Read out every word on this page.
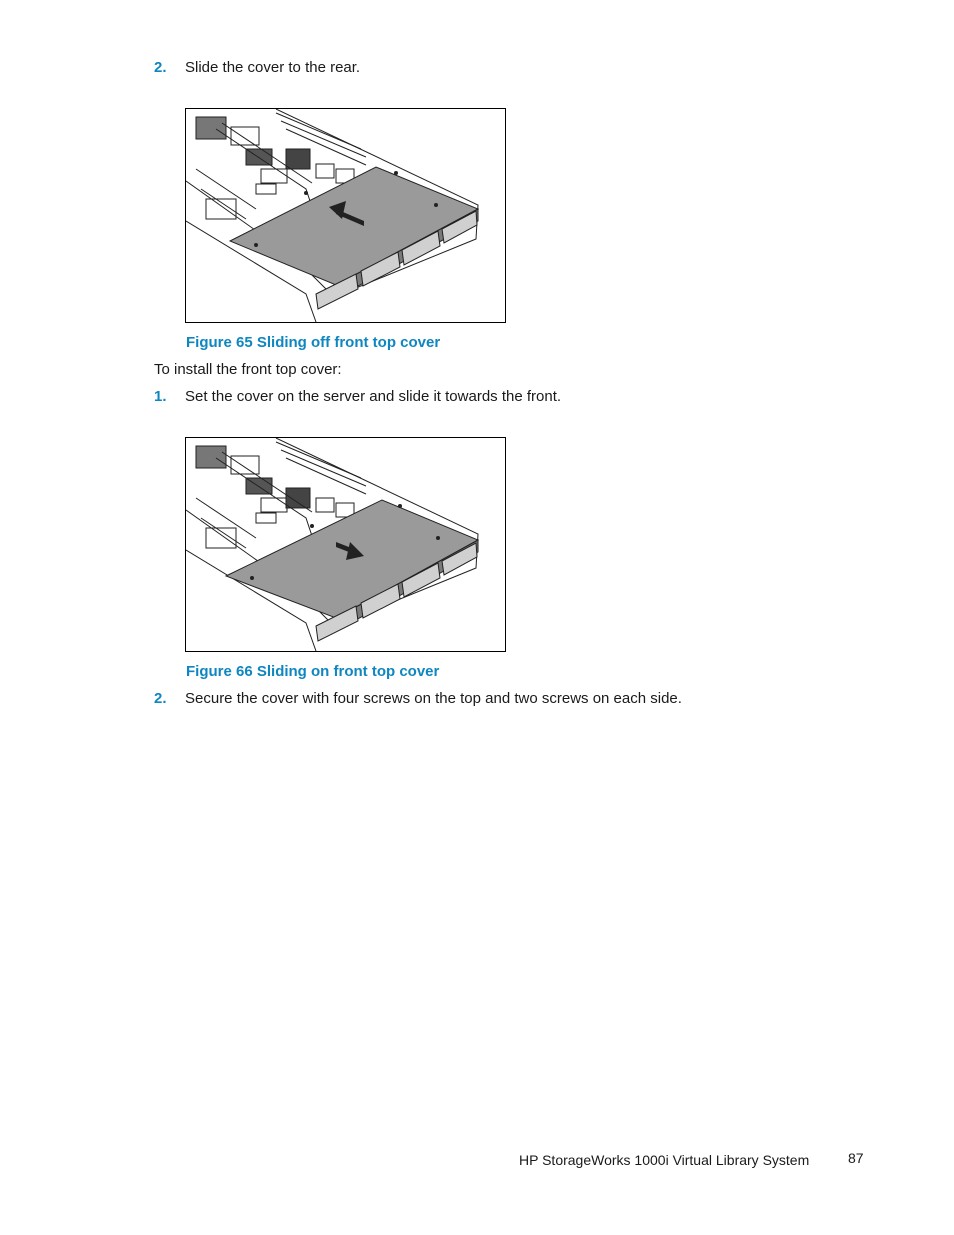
2. Slide the cover to the rear.
Figure 65 Sliding off front top cover
To install the front top cover:
1. Set the cover on the server and slide it towards the front.
Figure 66 Sliding on front top cover
2. Secure the cover with four screws on the top and two screws on each side.
HP StorageWorks 1000i Virtual Library System	87
